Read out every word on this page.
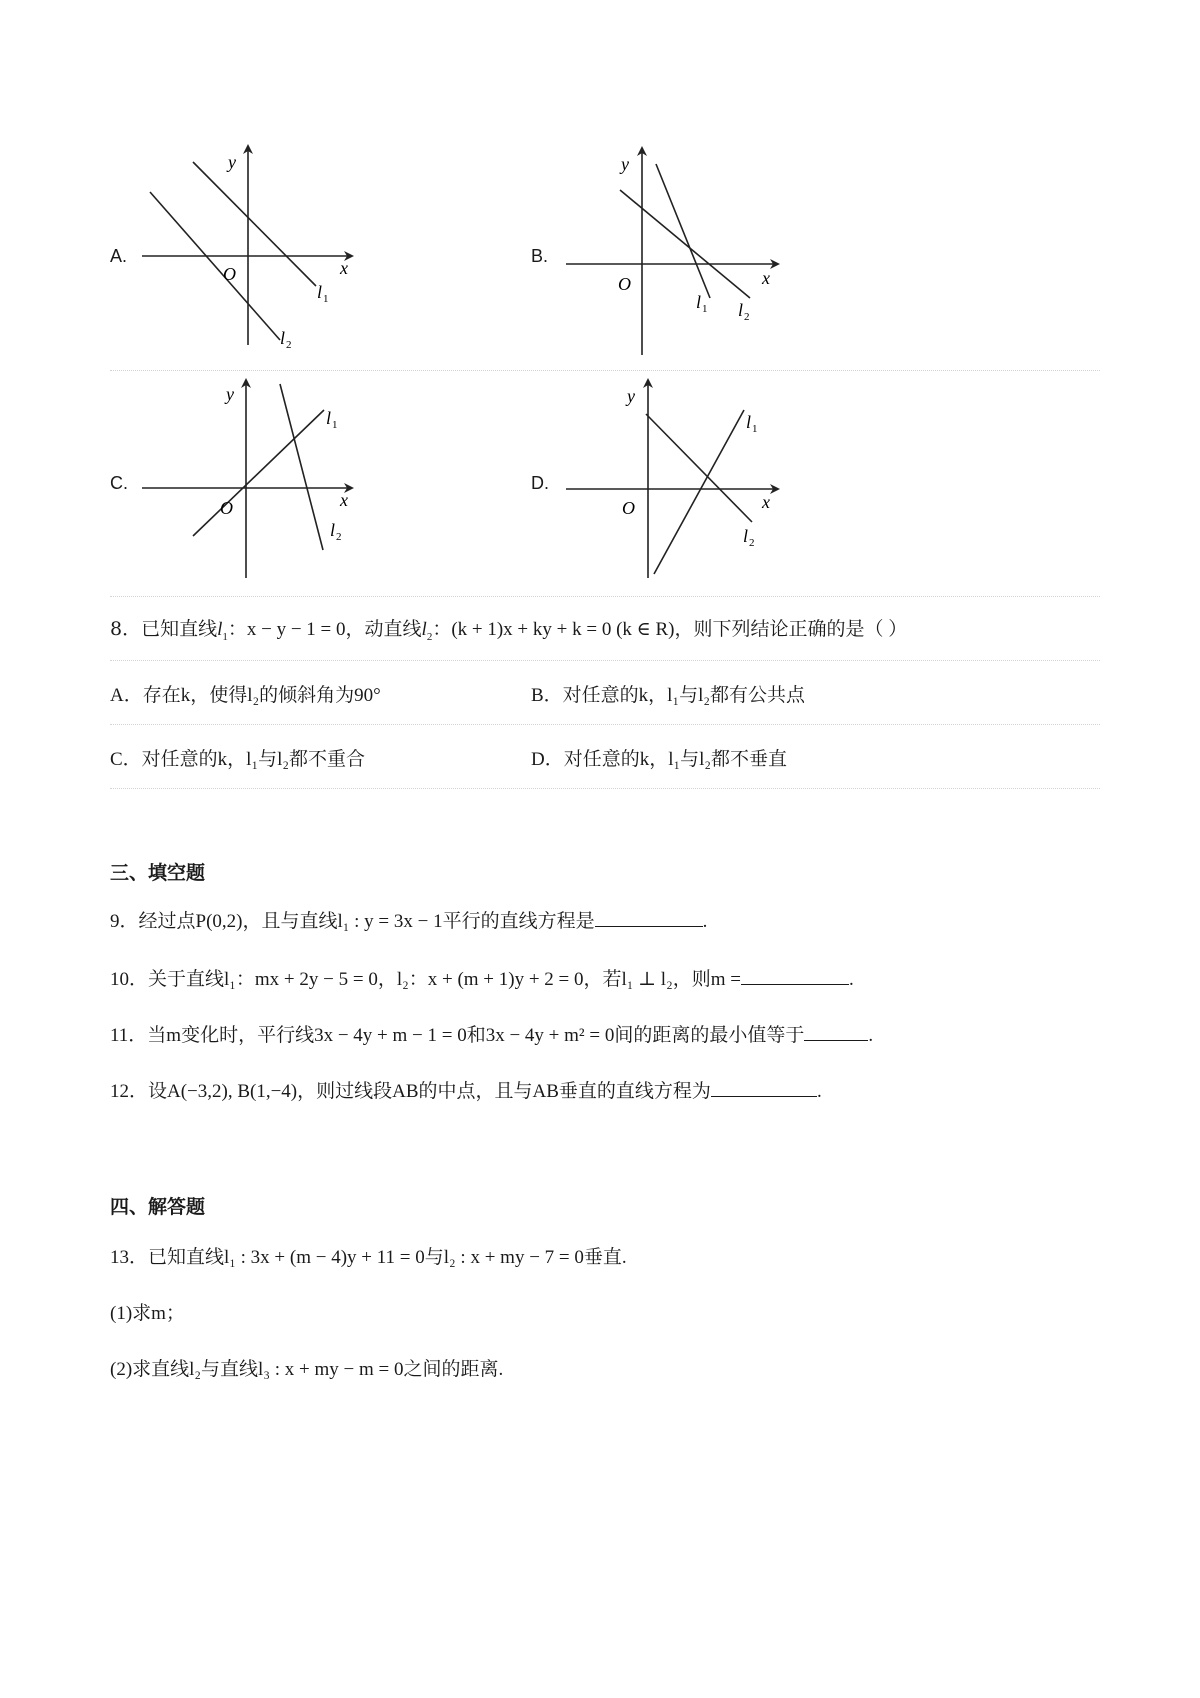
A.	B.
C.	D.
y
x
O
l 1
l 2
y
x
O
l 1 l 2
y
x
O
l 1
l 2
y
x
O
l 1
l 2
8．已知直线$l_1$：x − y − 1 = 0，动直线$l_2$：(k + 1)x + ky + k = 0 (k ∈ R)，则下列结论正确的是（ ）
A．存在k，使得l₂的倾斜角为90°	B．对任意的k，l₁与l₂都有公共点
C．对任意的k，l₁与l₂都不重合	D．对任意的k，l₁与l₂都不垂直
三、填空题
9．经过点P(0,2)，且与直线l₁ : y = 3x − 1平行的直线方程是	.
10．关于直线l₁：mx + 2y − 5 = 0，l₂：x + (m + 1)y + 2 = 0，若l₁ ⊥ l₂，则m =	.
11．当m变化时，平行线3x − 4y + m − 1 = 0和3x − 4y + m² = 0间的距离的最小值等于	.
12．设A(−3,2), B(1,−4)，则过线段AB的中点，且与AB垂直的直线方程为	.
四、解答题
13．已知直线l₁ : 3x + (m − 4)y + 11 = 0与l₂ : x + my − 7 = 0垂直.
(1)求m；
(2)求直线l₂与直线l₃ : x + my − m = 0之间的距离.
